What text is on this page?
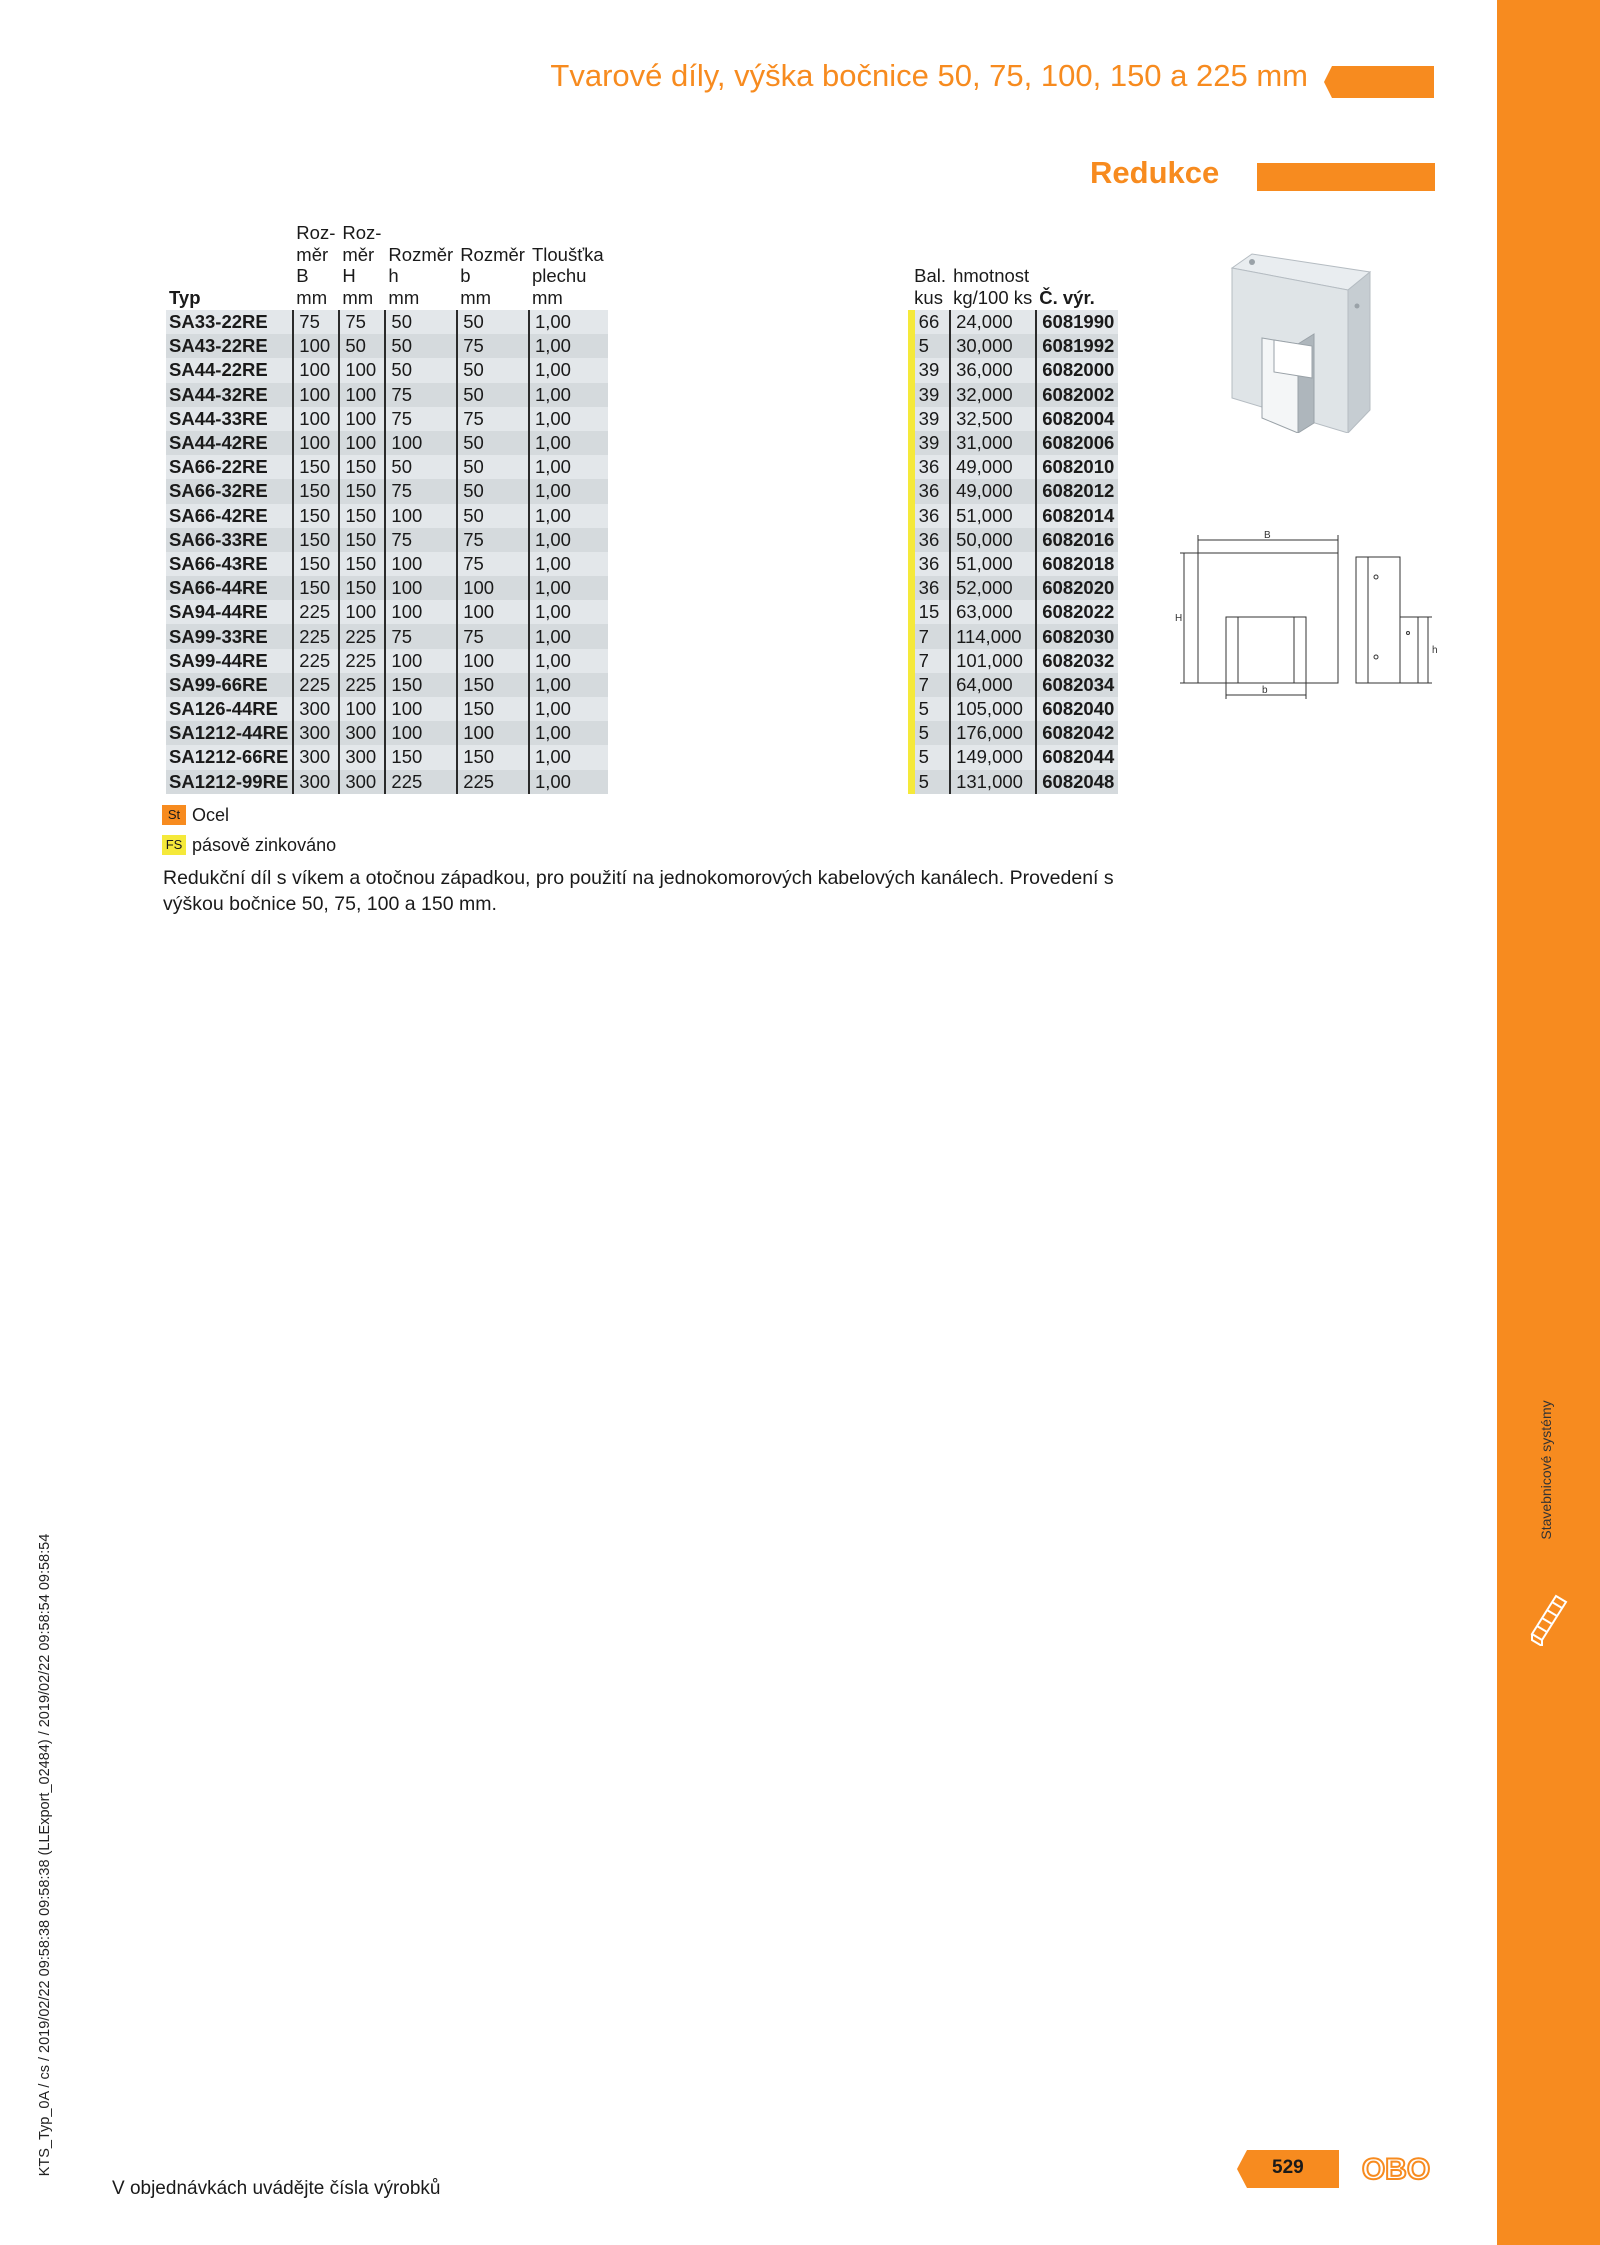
Stavebnicové systémy
Tvarové díly, výška bočnice 50, 75, 100, 150 a 225 mm
Redukce
Typ	Roz-
měr
B
mm	Roz-
měr
H
mm	Rozměr
h
mm	Rozměr
b
mm	Tloušťka
plechu
mm		Bal.
kus	hmotnost
kg/100 ks	Č. výr.
SA33-22RE	75	75	50	50	1,00		66	24,000	6081990
SA43-22RE	100	50	50	75	1,00		5	30,000	6081992
SA44-22RE	100	100	50	50	1,00		39	36,000	6082000
SA44-32RE	100	100	75	50	1,00		39	32,000	6082002
SA44-33RE	100	100	75	75	1,00		39	32,500	6082004
SA44-42RE	100	100	100	50	1,00		39	31,000	6082006
SA66-22RE	150	150	50	50	1,00		36	49,000	6082010
SA66-32RE	150	150	75	50	1,00		36	49,000	6082012
SA66-42RE	150	150	100	50	1,00		36	51,000	6082014
SA66-33RE	150	150	75	75	1,00		36	50,000	6082016
SA66-43RE	150	150	100	75	1,00		36	51,000	6082018
SA66-44RE	150	150	100	100	1,00		36	52,000	6082020
SA94-44RE	225	100	100	100	1,00		15	63,000	6082022
SA99-33RE	225	225	75	75	1,00		7	114,000	6082030
SA99-44RE	225	225	100	100	1,00		7	101,000	6082032
SA99-66RE	225	225	150	150	1,00		7	64,000	6082034
SA126-44RE	300	100	100	150	1,00		5	105,000	6082040
SA1212-44RE	300	300	100	100	1,00		5	176,000	6082042
SA1212-66RE	300	300	150	150	1,00		5	149,000	6082044
SA1212-99RE	300	300	225	225	1,00		5	131,000	6082048
St Ocel
FS pásově zinkováno
Redukční díl s víkem a otočnou západkou, pro použití na jednokomorových kabelových kanálech. Provedení s výškou bočnice 50, 75, 100 a 150 mm.
B
H
b
h
KTS_Typ_0A / cs / 2019/02/22 09:58:38 09:58:38 (LLExport_02484) / 2019/02/22 09:58:54 09:58:54
V objednávkách uvádějte čísla výrobků
529 OBO
